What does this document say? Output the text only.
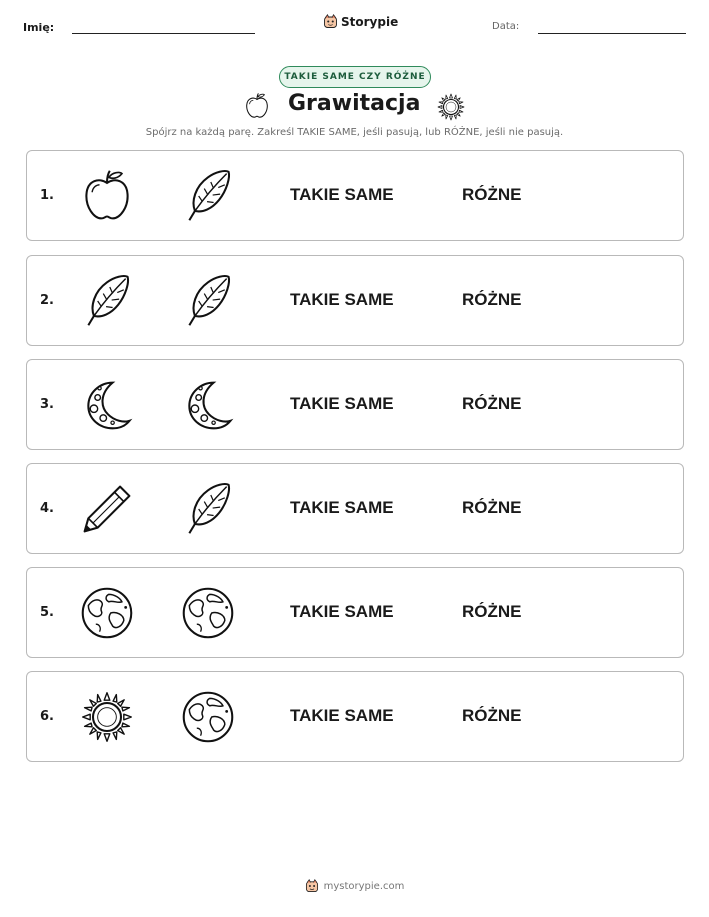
Imię:	Storypie	Data:
TAKIE SAME CZY RÓŻNE
Grawitacja
Spójrz na każdą parę. Zakreśl TAKIE SAME, jeśli pasują, lub RÓŻNE, jeśli nie pasują.
1.	TAKIE SAME	RÓŻNE
2.	TAKIE SAME	RÓŻNE
3.	TAKIE SAME	RÓŻNE
4.	TAKIE SAME	RÓŻNE
5.	TAKIE SAME	RÓŻNE
6.	TAKIE SAME	RÓŻNE
mystorypie.com
